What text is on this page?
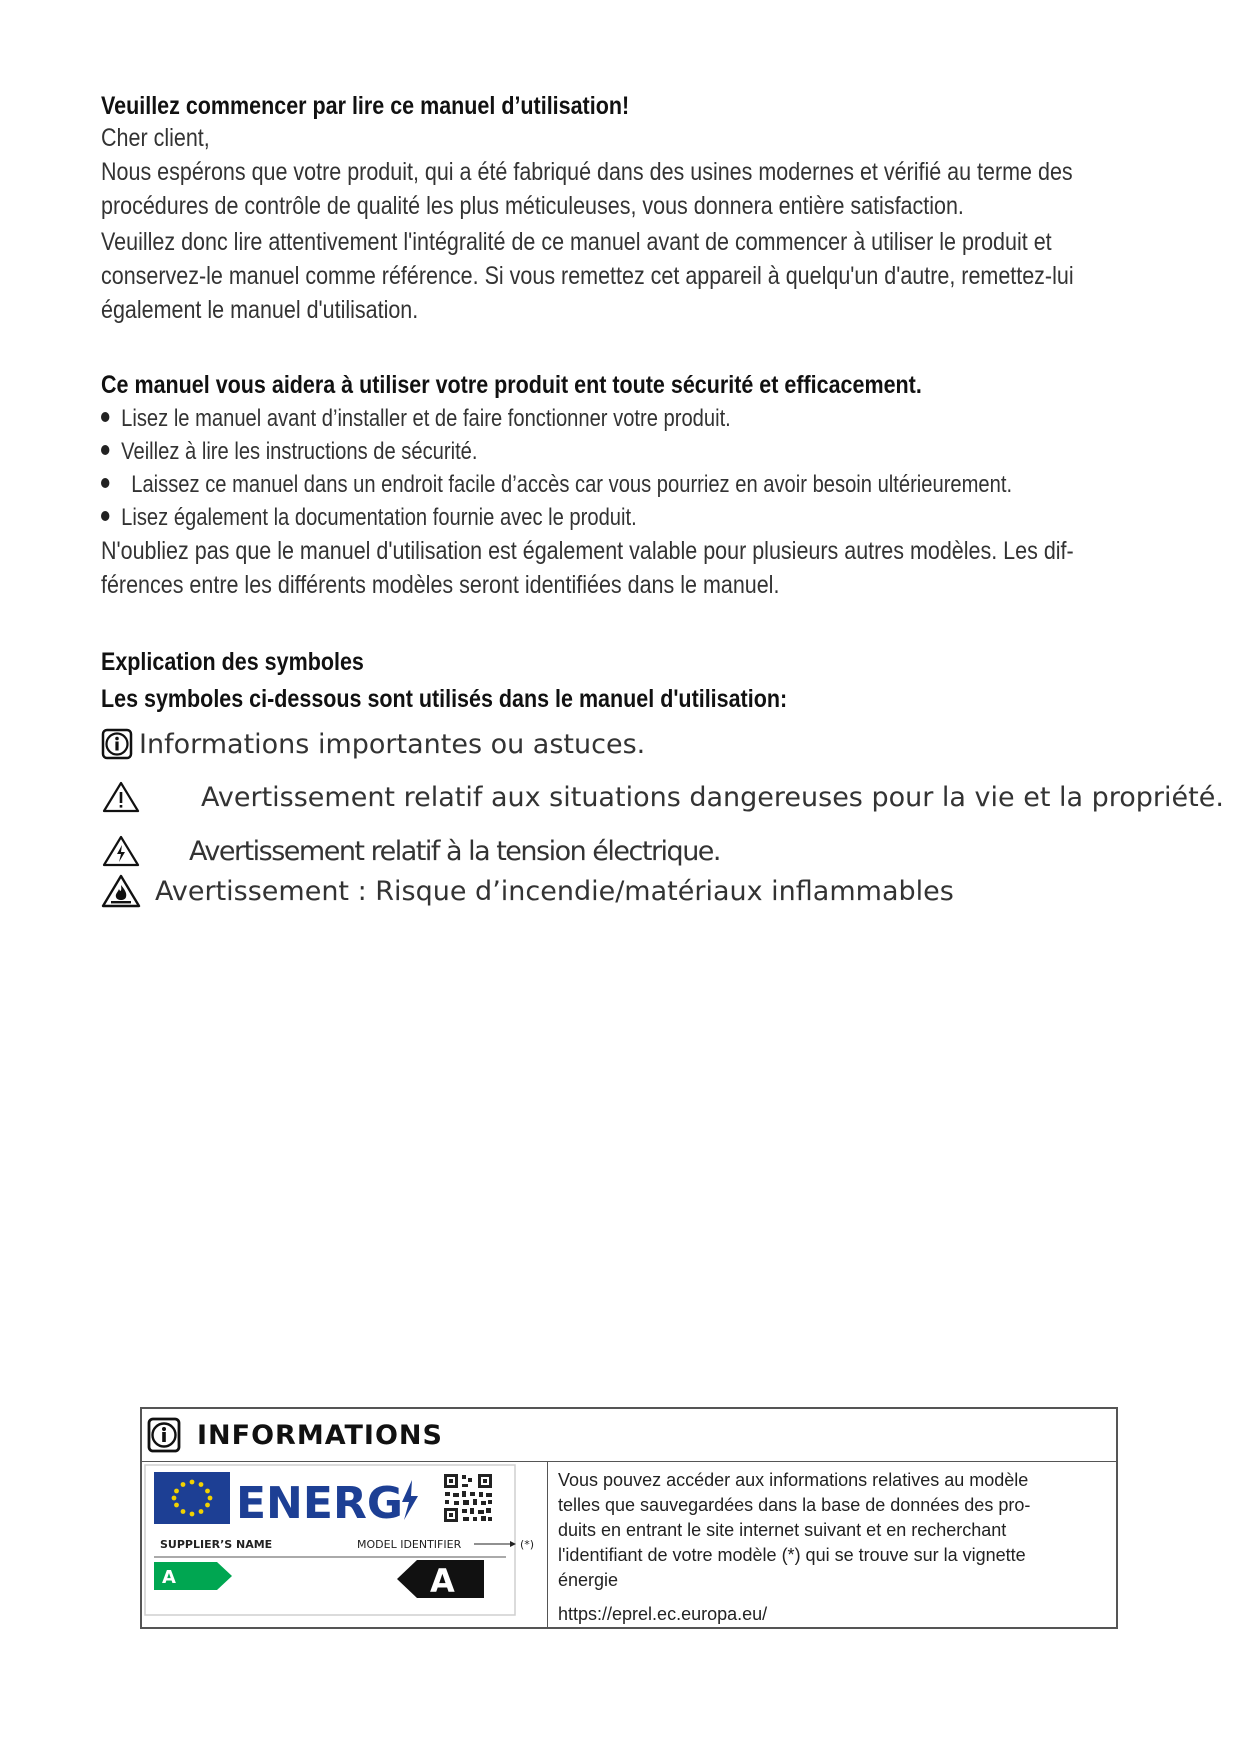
Veuillez commencer par lire ce manuel d’utilisation!
Cher client,
Nous espérons que votre produit, qui a été fabriqué dans des usines modernes et vérifié au terme des
procédures de contrôle de qualité les plus méticuleuses, vous donnera entière satisfaction.
Veuillez donc lire attentivement l'intégralité de ce manuel avant de commencer à utiliser le produit et
conservez-le manuel comme référence. Si vous remettez cet appareil à quelqu'un d'autre, remettez-lui
également le manuel d'utilisation.
Ce manuel vous aidera à utiliser votre produit ent toute sécurité et efficacement.
Lisez le manuel avant d’installer et de faire fonctionner votre produit.
Veillez à lire les instructions de sécurité.
Laissez ce manuel dans un endroit facile d’accès car vous pourriez en avoir besoin ultérieurement.
Lisez également la documentation fournie avec le produit.
N'oubliez pas que le manuel d'utilisation est également valable pour plusieurs autres modèles. Les dif-
férences entre les différents modèles seront identifiées dans le manuel.
Explication des symboles
Les symboles ci-dessous sont utilisés dans le manuel d'utilisation:
Informations importantes ou astuces.
Avertissement relatif aux situations dangereuses pour la vie et la propriété.
Avertissement relatif à la tension électrique.
Avertissement : Risque d’incendie/matériaux inflammables
INFORMATIONS
ENERG
SUPPLIER’S NAME	MODEL IDENTIFIER	(*)
A	A
Vous pouvez accéder aux informations relatives au modèle
telles que sauvegardées dans la base de données des pro-
duits en entrant le site internet suivant et en recherchant
l'identifiant de votre modèle (*) qui se trouve sur la vignette
énergie
https://eprel.ec.europa.eu/
